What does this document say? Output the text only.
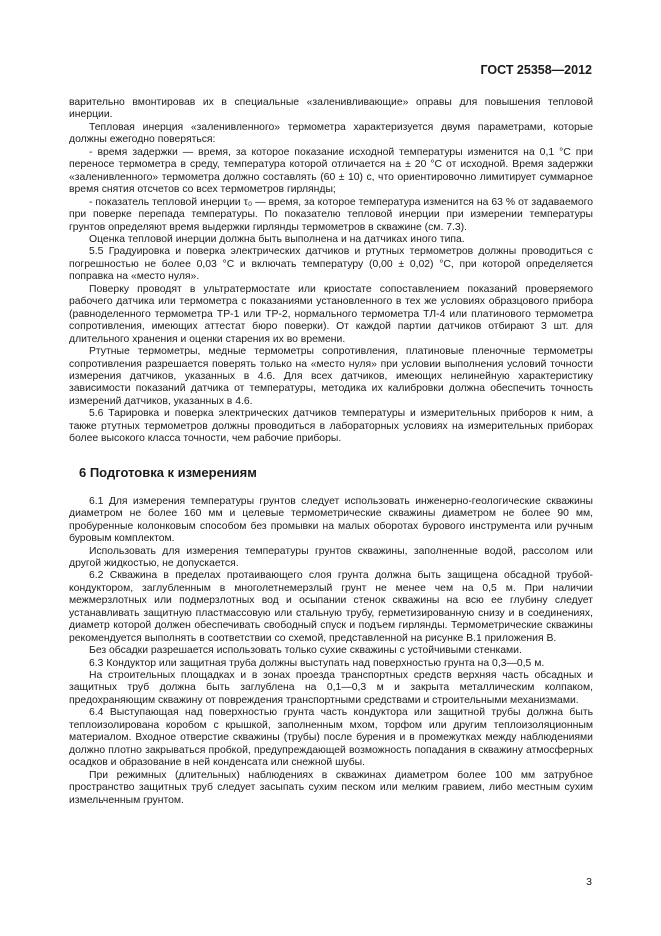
ГОСТ 25358—2012

варительно вмонтировав их в специальные «заленивливающие» оправы для повышения тепловой инерции.

Тепловая инерция «заленивленного» термометра характеризуется двумя параметрами, которые должны ежегодно поверяться:

- время задержки — время, за которое показание исходной температуры изменится на 0,1 °С при переносе термометра в среду, температура которой отличается на ± 20 °С от исходной. Время задержки «заленивленного» термометра должно составлять (60 ± 10) с, что ориентировочно лимитирует суммарное время снятия отсчетов со всех термометров гирлянды;

- показатель тепловой инерции τ₀ — время, за которое температура изменится на 63 % от задаваемого при поверке перепада температуры. По показателю тепловой инерции при измерении температуры грунтов определяют время выдержки гирлянды термометров в скважине (см. 7.3).

Оценка тепловой инерции должна быть выполнена и на датчиках иного типа.

5.5 Градуировка и поверка электрических датчиков и ртутных термометров должны проводиться с погрешностью не более 0,03 °С и включать температуру (0,00 ± 0,02) °С, при которой определяется поправка на «место нуля».

Поверку проводят в ультратермостате или криостате сопоставлением показаний проверяемого рабочего датчика или термометра с показаниями установленного в тех же условиях образцового прибора (равноделенного термометра ТР-1 или ТР-2, нормального термометра ТЛ-4 или платинового термометра сопротивления, имеющих аттестат бюро поверки). От каждой партии датчиков отбирают 3 шт. для длительного хранения и оценки старения их во времени.

Ртутные термометры, медные термометры сопротивления, платиновые пленочные термометры сопротивления разрешается поверять только на «место нуля» при условии выполнения условий точности измерения датчиков, указанных в 4.6. Для всех датчиков, имеющих нелинейную характеристику зависимости показаний датчика от температуры, методика их калибровки должна обеспечить точность измерений датчиков, указанных в 4.6.

5.6 Тарировка и поверка электрических датчиков температуры и измерительных приборов к ним, а также ртутных термометров должны проводиться в лабораторных условиях на измерительных приборах более высокого класса точности, чем рабочие приборы.

6 Подготовка к измерениям

6.1 Для измерения температуры грунтов следует использовать инженерно-геологические скважины диаметром не более 160 мм и целевые термометрические скважины диаметром не более 90 мм, пробуренные колонковым способом без промывки на малых оборотах бурового инструмента или ручным буровым комплектом.

Использовать для измерения температуры грунтов скважины, заполненные водой, рассолом или другой жидкостью, не допускается.

6.2 Скважина в пределах протаивающего слоя грунта должна быть защищена обсадной трубой-кондуктором, заглубленным в многолетнемерзлый грунт не менее чем на 0,5 м. При наличии межмерзлотных или подмерзлотных вод и осыпании стенок скважины на всю ее глубину следует устанавливать защитную пластмассовую или стальную трубу, герметизированную снизу и в соединениях, диаметр которой должен обеспечивать свободный спуск и подъем гирлянды. Термометрические скважины рекомендуется выполнять в соответствии со схемой, представленной на рисунке В.1 приложения В.

Без обсадки разрешается использовать только сухие скважины с устойчивыми стенками.

6.3 Кондуктор или защитная труба должны выступать над поверхностью грунта на 0,3—0,5 м.

На строительных площадках и в зонах проезда транспортных средств верхняя часть обсадных и защитных труб должна быть заглублена на 0,1—0,3 м и закрыта металлическим колпаком, предохраняющим скважину от повреждения транспортными средствами и строительными механизмами.

6.4 Выступающая над поверхностью грунта часть кондуктора или защитной трубы должна быть теплоизолирована коробом с крышкой, заполненным мхом, торфом или другим теплоизоляционным материалом. Входное отверстие скважины (трубы) после бурения и в промежутках между наблюдениями должно плотно закрываться пробкой, предупреждающей возможность попадания в скважину атмосферных осадков и образование в ней конденсата или снежной шубы.

При режимных (длительных) наблюдениях в скважинах диаметром более 100 мм затрубное пространство защитных труб следует засыпать сухим песком или мелким гравием, либо местным сухим измельченным грунтом.

3
